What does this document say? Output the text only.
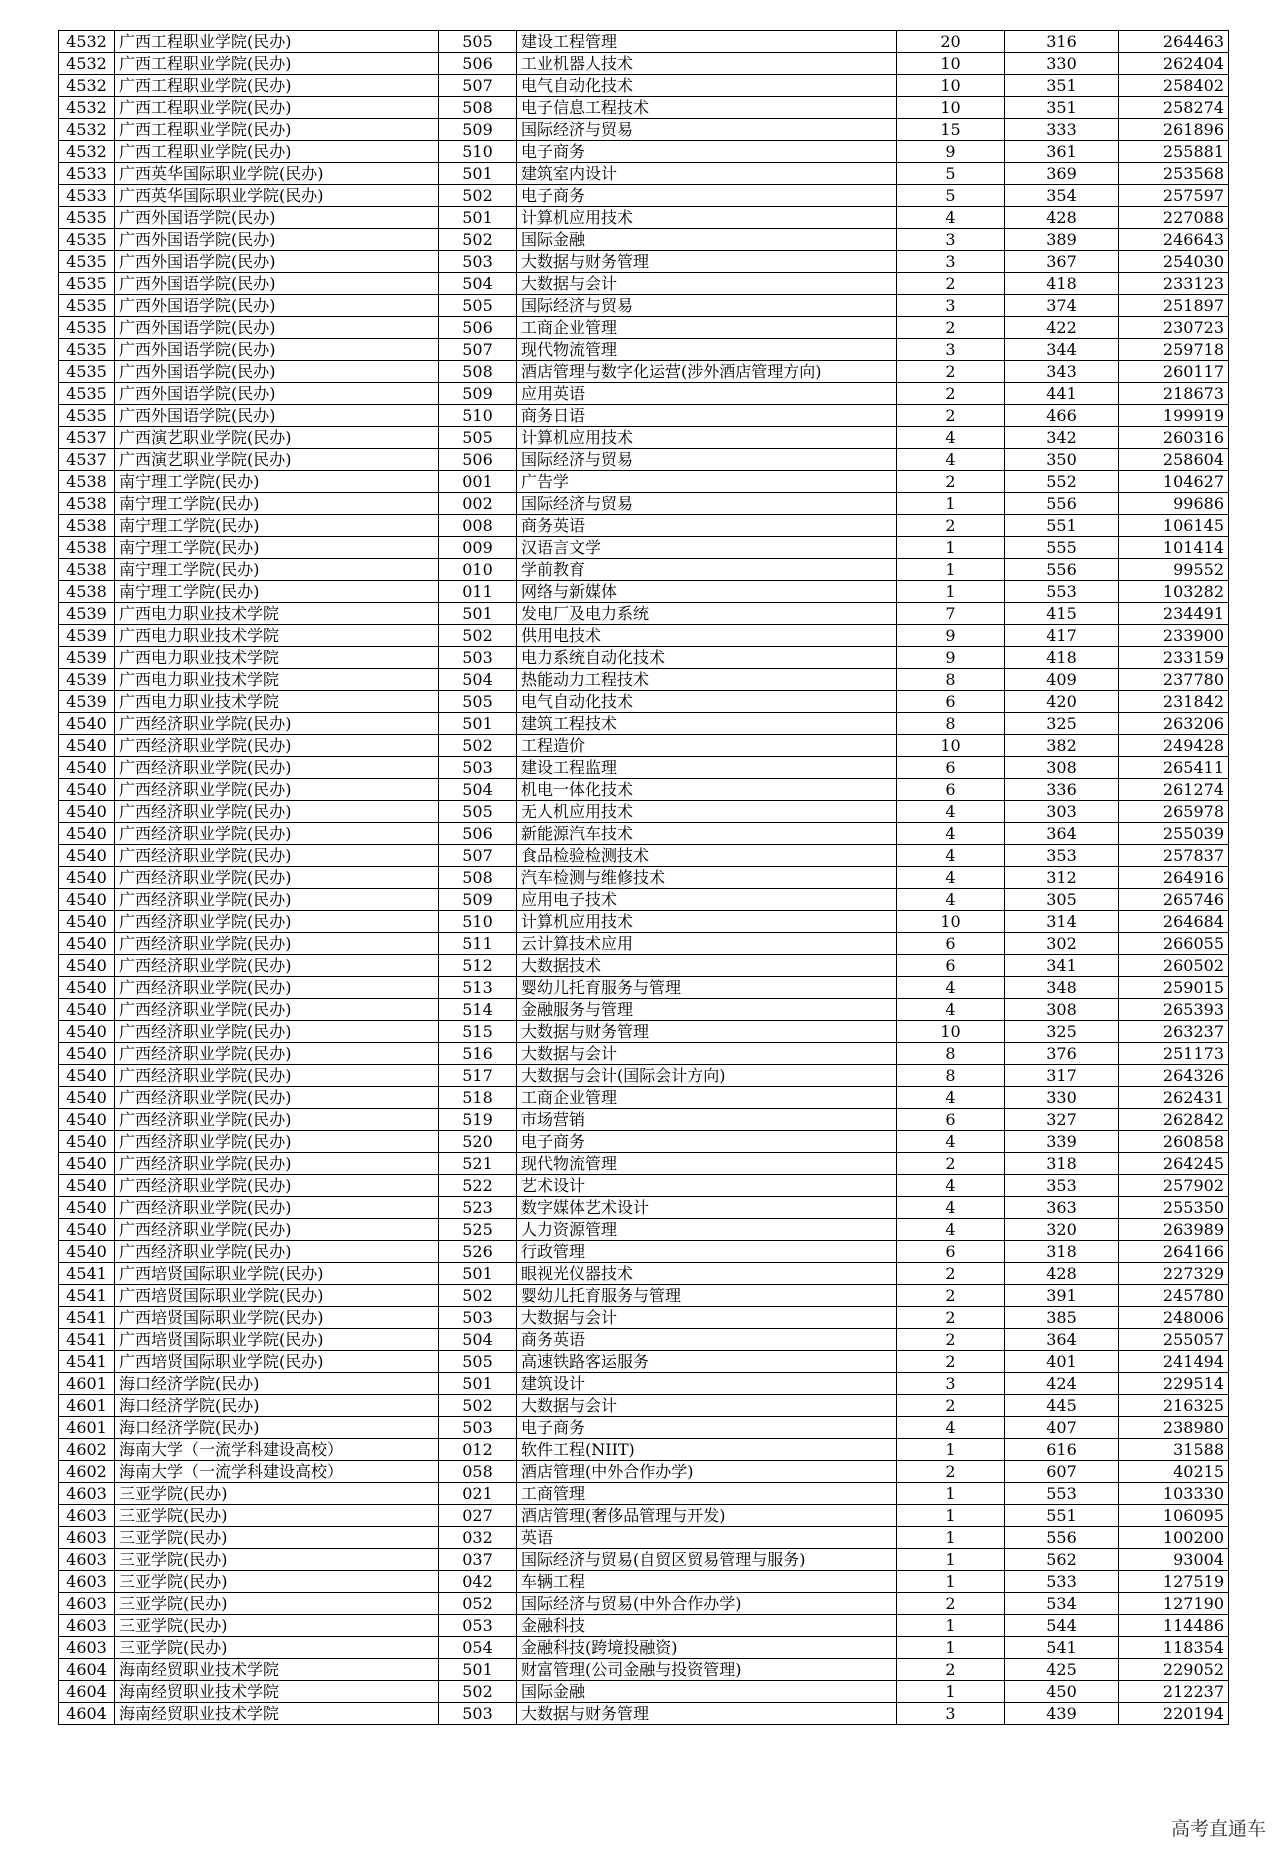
4532	广西工程职业学院(民办)	505	建设工程管理	20	316	264463
4532	广西工程职业学院(民办)	506	工业机器人技术	10	330	262404
4532	广西工程职业学院(民办)	507	电气自动化技术	10	351	258402
4532	广西工程职业学院(民办)	508	电子信息工程技术	10	351	258274
4532	广西工程职业学院(民办)	509	国际经济与贸易	15	333	261896
4532	广西工程职业学院(民办)	510	电子商务	9	361	255881
4533	广西英华国际职业学院(民办)	501	建筑室内设计	5	369	253568
4533	广西英华国际职业学院(民办)	502	电子商务	5	354	257597
4535	广西外国语学院(民办)	501	计算机应用技术	4	428	227088
4535	广西外国语学院(民办)	502	国际金融	3	389	246643
4535	广西外国语学院(民办)	503	大数据与财务管理	3	367	254030
4535	广西外国语学院(民办)	504	大数据与会计	2	418	233123
4535	广西外国语学院(民办)	505	国际经济与贸易	3	374	251897
4535	广西外国语学院(民办)	506	工商企业管理	2	422	230723
4535	广西外国语学院(民办)	507	现代物流管理	3	344	259718
4535	广西外国语学院(民办)	508	酒店管理与数字化运营(涉外酒店管理方向)	2	343	260117
4535	广西外国语学院(民办)	509	应用英语	2	441	218673
4535	广西外国语学院(民办)	510	商务日语	2	466	199919
4537	广西演艺职业学院(民办)	505	计算机应用技术	4	342	260316
4537	广西演艺职业学院(民办)	506	国际经济与贸易	4	350	258604
4538	南宁理工学院(民办)	001	广告学	2	552	104627
4538	南宁理工学院(民办)	002	国际经济与贸易	1	556	99686
4538	南宁理工学院(民办)	008	商务英语	2	551	106145
4538	南宁理工学院(民办)	009	汉语言文学	1	555	101414
4538	南宁理工学院(民办)	010	学前教育	1	556	99552
4538	南宁理工学院(民办)	011	网络与新媒体	1	553	103282
4539	广西电力职业技术学院	501	发电厂及电力系统	7	415	234491
4539	广西电力职业技术学院	502	供用电技术	9	417	233900
4539	广西电力职业技术学院	503	电力系统自动化技术	9	418	233159
4539	广西电力职业技术学院	504	热能动力工程技术	8	409	237780
4539	广西电力职业技术学院	505	电气自动化技术	6	420	231842
4540	广西经济职业学院(民办)	501	建筑工程技术	8	325	263206
4540	广西经济职业学院(民办)	502	工程造价	10	382	249428
4540	广西经济职业学院(民办)	503	建设工程监理	6	308	265411
4540	广西经济职业学院(民办)	504	机电一体化技术	6	336	261274
4540	广西经济职业学院(民办)	505	无人机应用技术	4	303	265978
4540	广西经济职业学院(民办)	506	新能源汽车技术	4	364	255039
4540	广西经济职业学院(民办)	507	食品检验检测技术	4	353	257837
4540	广西经济职业学院(民办)	508	汽车检测与维修技术	4	312	264916
4540	广西经济职业学院(民办)	509	应用电子技术	4	305	265746
4540	广西经济职业学院(民办)	510	计算机应用技术	10	314	264684
4540	广西经济职业学院(民办)	511	云计算技术应用	6	302	266055
4540	广西经济职业学院(民办)	512	大数据技术	6	341	260502
4540	广西经济职业学院(民办)	513	婴幼儿托育服务与管理	4	348	259015
4540	广西经济职业学院(民办)	514	金融服务与管理	4	308	265393
4540	广西经济职业学院(民办)	515	大数据与财务管理	10	325	263237
4540	广西经济职业学院(民办)	516	大数据与会计	8	376	251173
4540	广西经济职业学院(民办)	517	大数据与会计(国际会计方向)	8	317	264326
4540	广西经济职业学院(民办)	518	工商企业管理	4	330	262431
4540	广西经济职业学院(民办)	519	市场营销	6	327	262842
4540	广西经济职业学院(民办)	520	电子商务	4	339	260858
4540	广西经济职业学院(民办)	521	现代物流管理	2	318	264245
4540	广西经济职业学院(民办)	522	艺术设计	4	353	257902
4540	广西经济职业学院(民办)	523	数字媒体艺术设计	4	363	255350
4540	广西经济职业学院(民办)	525	人力资源管理	4	320	263989
4540	广西经济职业学院(民办)	526	行政管理	6	318	264166
4541	广西培贤国际职业学院(民办)	501	眼视光仪器技术	2	428	227329
4541	广西培贤国际职业学院(民办)	502	婴幼儿托育服务与管理	2	391	245780
4541	广西培贤国际职业学院(民办)	503	大数据与会计	2	385	248006
4541	广西培贤国际职业学院(民办)	504	商务英语	2	364	255057
4541	广西培贤国际职业学院(民办)	505	高速铁路客运服务	2	401	241494
4601	海口经济学院(民办)	501	建筑设计	3	424	229514
4601	海口经济学院(民办)	502	大数据与会计	2	445	216325
4601	海口经济学院(民办)	503	电子商务	4	407	238980
4602	海南大学（一流学科建设高校）	012	软件工程(NIIT)	1	616	31588
4602	海南大学（一流学科建设高校）	058	酒店管理(中外合作办学)	2	607	40215
4603	三亚学院(民办)	021	工商管理	1	553	103330
4603	三亚学院(民办)	027	酒店管理(奢侈品管理与开发)	1	551	106095
4603	三亚学院(民办)	032	英语	1	556	100200
4603	三亚学院(民办)	037	国际经济与贸易(自贸区贸易管理与服务)	1	562	93004
4603	三亚学院(民办)	042	车辆工程	1	533	127519
4603	三亚学院(民办)	052	国际经济与贸易(中外合作办学)	2	534	127190
4603	三亚学院(民办)	053	金融科技	1	544	114486
4603	三亚学院(民办)	054	金融科技(跨境投融资)	1	541	118354
4604	海南经贸职业技术学院	501	财富管理(公司金融与投资管理)	2	425	229052
4604	海南经贸职业技术学院	502	国际金融	1	450	212237
4604	海南经贸职业技术学院	503	大数据与财务管理	3	439	220194
高考直通车
